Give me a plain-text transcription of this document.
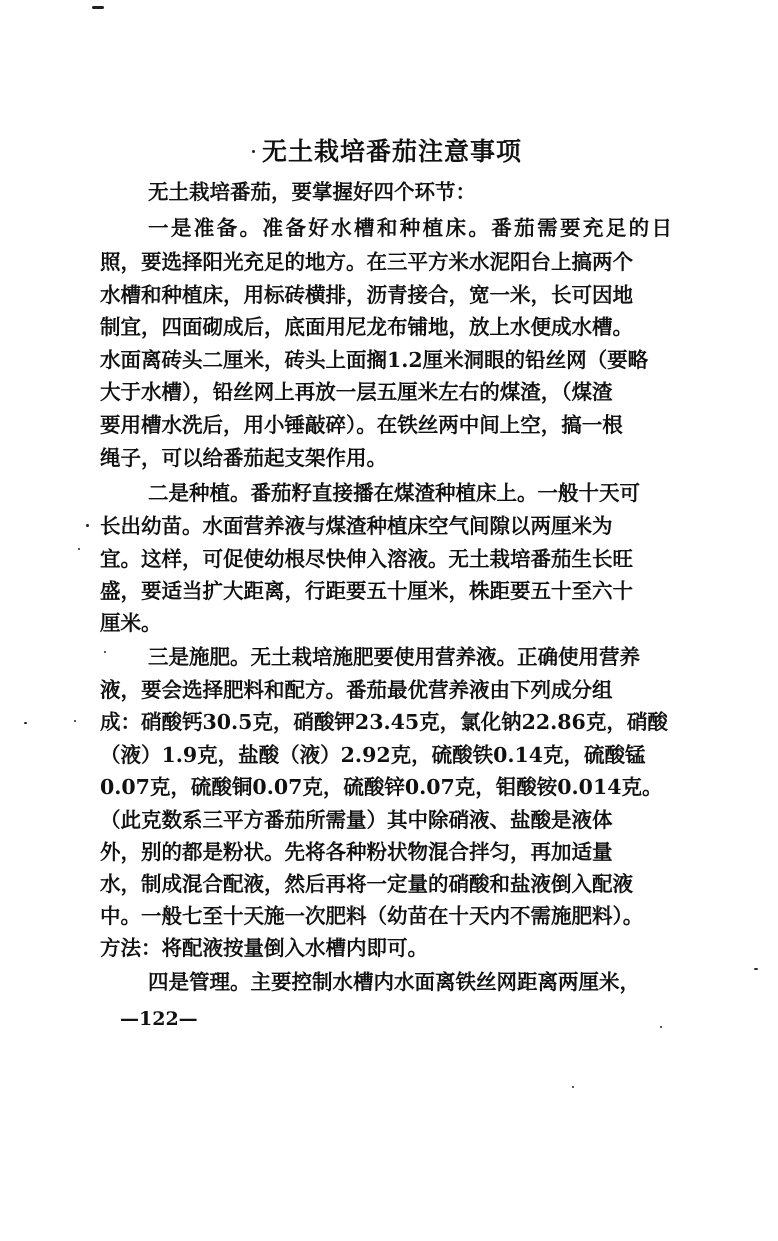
无土栽培番茄注意事项
无土栽培番茄，要掌握好四个环节：
一是准备。准备好水槽和种植床。番茄需要充足的日
照，要选择阳光充足的地方。在三平方米水泥阳台上搞两个
水槽和种植床，用标砖横排，沥青接合，宽一米，长可因地
制宜，四面砌成后，底面用尼龙布铺地，放上水便成水槽。
水面离砖头二厘米，砖头上面搁1.2厘米洞眼的铅丝网（要略
大于水槽），铅丝网上再放一层五厘米左右的煤渣，（煤渣
要用槽水洗后，用小锤敲碎）。在铁丝两中间上空，搞一根
绳子，可以给番茄起支架作用。
二是种植。番茄籽直接播在煤渣种植床上。一般十天可
长出幼苗。水面营养液与煤渣种植床空气间隙以两厘米为
宜。这样，可促使幼根尽快伸入溶液。无土栽培番茄生长旺
盛，要适当扩大距离，行距要五十厘米，株距要五十至六十
厘米。
三是施肥。无土栽培施肥要使用营养液。正确使用营养
液，要会选择肥料和配方。番茄最优营养液由下列成分组
成：硝酸钙30.5克，硝酸钾23.45克，氯化钠22.86克，硝酸
（液）1.9克，盐酸（液）2.92克，硫酸铁0.14克，硫酸锰
0.07克，硫酸铜0.07克，硫酸锌0.07克，钼酸铵0.014克。
（此克数系三平方番茄所需量）其中除硝液、盐酸是液体
外，别的都是粉状。先将各种粉状物混合拌匀，再加适量
水，制成混合配液，然后再将一定量的硝酸和盐液倒入配液
中。一般七至十天施一次肥料（幼苗在十天内不需施肥料）。
方法：将配液按量倒入水槽内即可。
四是管理。主要控制水槽内水面离铁丝网距离两厘米，
—122—
